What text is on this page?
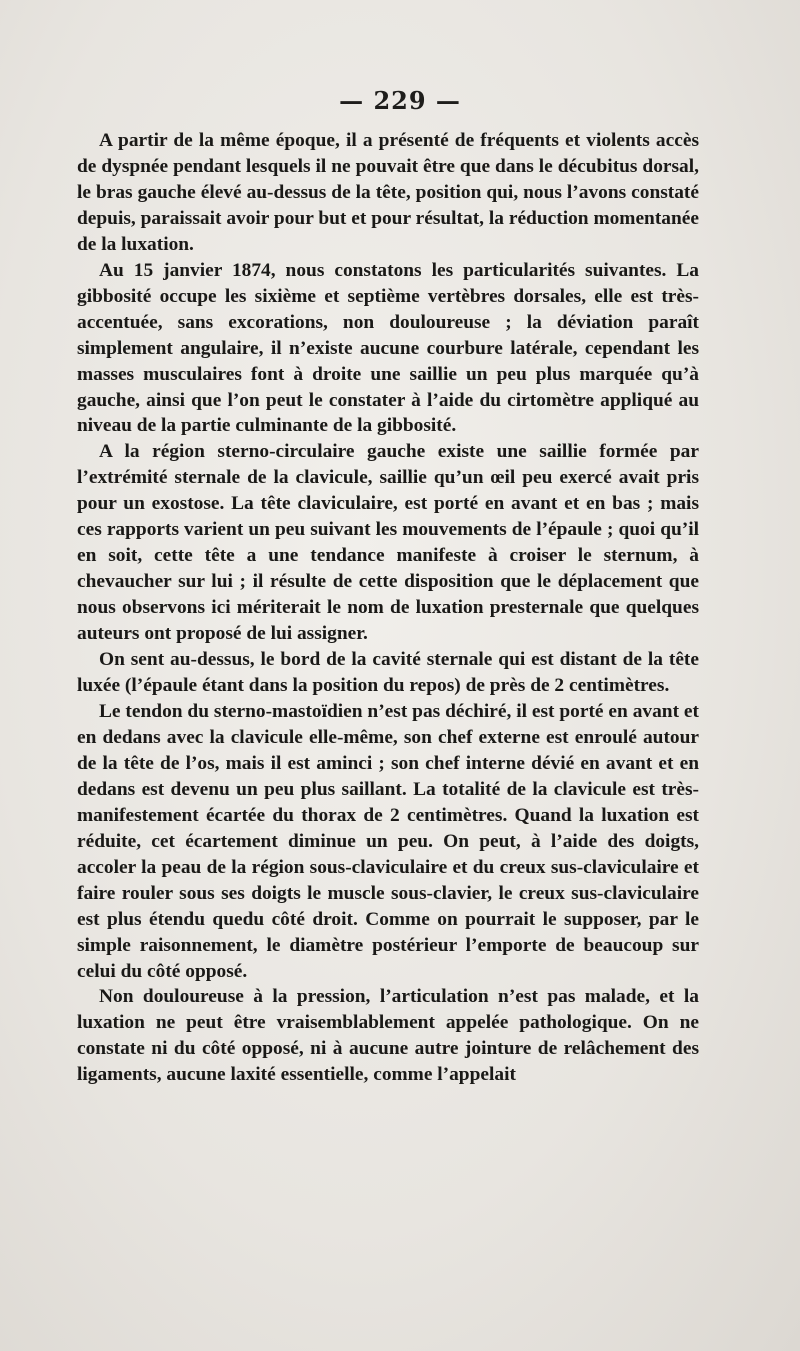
— 229 —

A partir de la même époque, il a présenté de fréquents et violents accès de dyspnée pendant lesquels il ne pouvait être que dans le décubitus dorsal, le bras gauche élevé au-dessus de la tête, position qui, nous l’avons constaté depuis, paraissait avoir pour but et pour résultat, la réduction momentanée de la luxation.

Au 15 janvier 1874, nous constatons les particularités suivantes. La gibbosité occupe les sixième et septième vertèbres dorsales, elle est très-accentuée, sans excorations, non douloureuse ; la déviation paraît simplement angulaire, il n’existe aucune courbure latérale, cependant les masses musculaires font à droite une saillie un peu plus marquée qu’à gauche, ainsi que l’on peut le constater à l’aide du cirtomètre appliqué au niveau de la partie culminante de la gibbosité.

A la région sterno-circulaire gauche existe une saillie formée par l’extrémité sternale de la clavicule, saillie qu’un œil peu exercé avait pris pour un exostose. La tête claviculaire, est porté en avant et en bas ; mais ces rapports varient un peu suivant les mouvements de l’épaule ; quoi qu’il en soit, cette tête a une tendance manifeste à croiser le sternum, à chevaucher sur lui ; il résulte de cette disposition que le déplacement que nous observons ici mériterait le nom de luxation presternale que quelques auteurs ont proposé de lui assigner.

On sent au-dessus, le bord de la cavité sternale qui est distant de la tête luxée (l’épaule étant dans la position du repos) de près de 2 centimètres.

Le tendon du sterno-mastoïdien n’est pas déchiré, il est porté en avant et en dedans avec la clavicule elle-même, son chef externe est enroulé autour de la tête de l’os, mais il est aminci ; son chef interne dévié en avant et en dedans est devenu un peu plus saillant. La totalité de la clavicule est très-manifestement écartée du thorax de 2 centimètres. Quand la luxation est réduite, cet écartement diminue un peu. On peut, à l’aide des doigts, accoler la peau de la région sous-claviculaire et du creux sus-claviculaire et faire rouler sous ses doigts le muscle sous-clavier, le creux sus-claviculaire est plus étendu quedu côté droit. Comme on pourrait le supposer, par le simple raisonnement, le diamètre postérieur l’emporte de beaucoup sur celui du côté opposé.

Non douloureuse à la pression, l’articulation n’est pas malade, et la luxation ne peut être vraisemblablement appelée pathologique. On ne constate ni du côté opposé, ni à aucune autre jointure de relâchement des ligaments, aucune laxité essentielle, comme l’appelait
